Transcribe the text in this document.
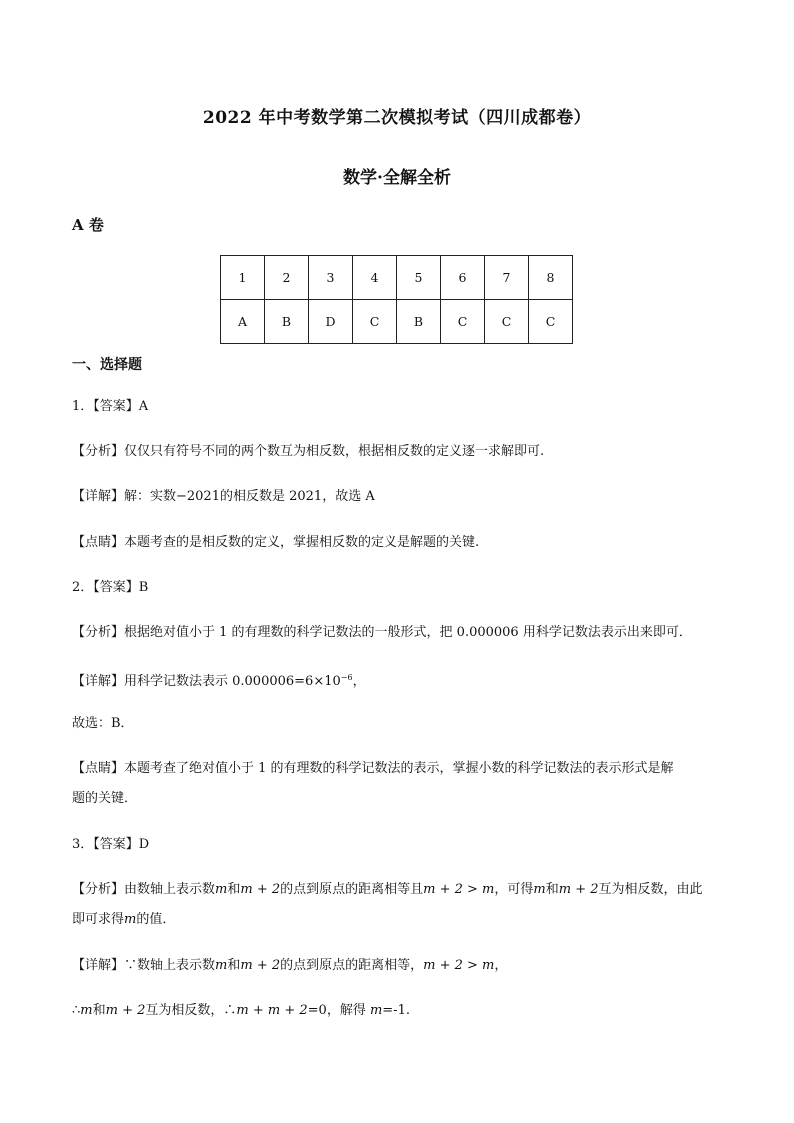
2022 年中考数学第二次模拟考试（四川成都卷）
数学·全解全析
A 卷
1	2	3	4	5	6	7	8
A	B	D	C	B	C	C	C
一、选择题
1．【答案】A
【分析】仅仅只有符号不同的两个数互为相反数，根据相反数的定义逐一求解即可.
【详解】解：实数−2021的相反数是 2021，故选 A
【点睛】本题考查的是相反数的定义，掌握相反数的定义是解题的关键.
2．【答案】B
【分析】根据绝对值小于 1 的有理数的科学记数法的一般形式，把 0.000006 用科学记数法表示出来即可．
【详解】用科学记数法表示 $0.000006=6\times 10^{-6}$，
故选：B．
【点睛】本题考查了绝对值小于 1 的有理数的科学记数法的表示，掌握小数的科学记数法的表示形式是解
题的关键．
3．【答案】D
【分析】由数轴上表示数m和m + 2的点到原点的距离相等且m + 2 > m，可得m和m + 2互为相反数，由此
即可求得m的值．
【详解】∵数轴上表示数m和m + 2的点到原点的距离相等，m + 2 > m，
∴m和m + 2互为相反数，∴m + m + 2=0，解得 m=-1.
